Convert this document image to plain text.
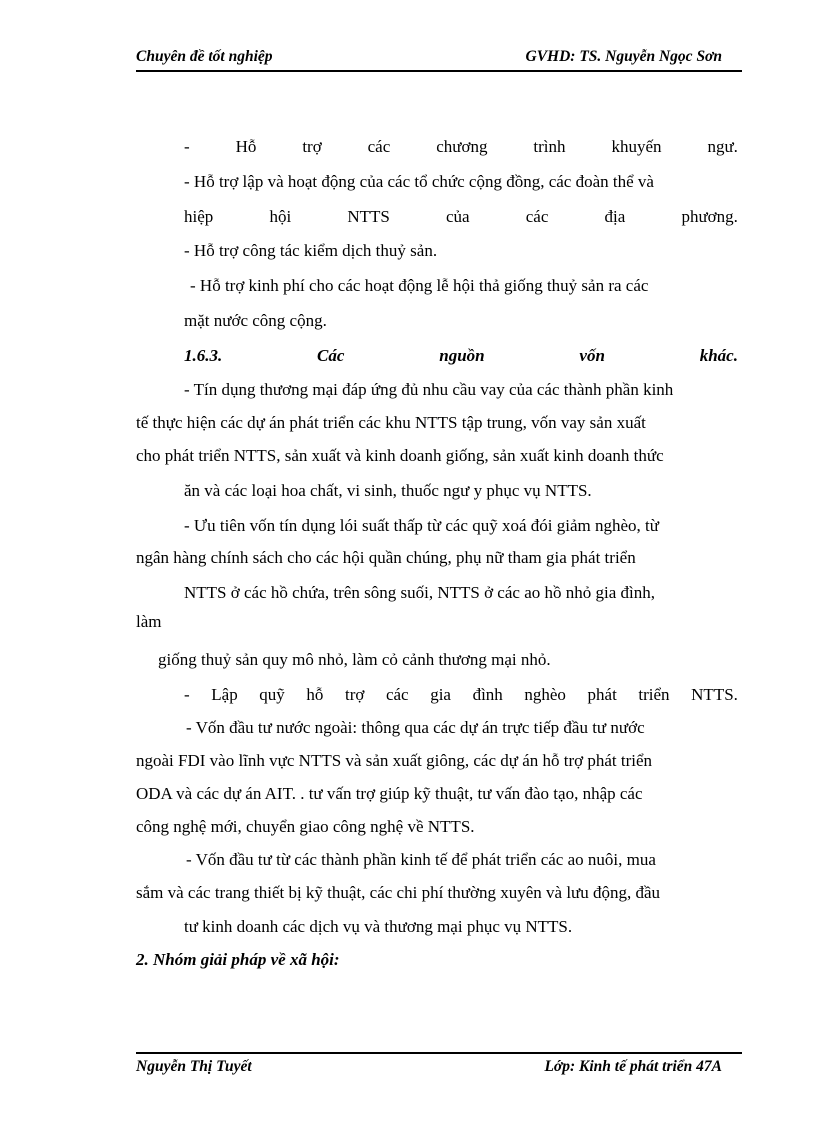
Chuyên đề tốt nghiệp	GVHD: TS. Nguyễn Ngọc Sơn
-	Hỗ	trợ	các	chương	trình	khuyến	ngư.
- Hỗ trợ lập và hoạt động của các tổ chức cộng đồng, các đoàn thể và
hiệp	hội	NTTS	của	các	địa	phương.
- Hỗ trợ công tác kiểm dịch thuỷ sản.
- Hỗ trợ kinh phí cho các hoạt động lễ hội thả giống thuỷ sản ra các
mặt nước công cộng.
1.6.3.	Các	nguồn	vốn	khác.
- Tín dụng thương mại đáp ứng đủ nhu cầu vay của các thành phần kinh
tế thực hiện các dự án phát triển các khu NTTS tập trung, vốn vay sản xuất
cho phát triển NTTS, sản xuất và kinh doanh giống, sản xuất kinh doanh thức
ăn và các loại hoa chất, vi sinh, thuốc ngư y phục vụ NTTS.
- Ưu tiên vốn tín dụng lói suất thấp từ các quỹ xoá đói giảm nghèo, từ
ngân hàng chính sách cho các hội quần chúng, phụ nữ tham gia phát triển
NTTS ở các hồ chứa, trên sông suối, NTTS ở các ao hồ nhỏ gia đình,
làm
giống thuỷ sản quy mô nhỏ, làm cỏ cảnh thương mại nhỏ.
- Lập quỹ hỗ trợ các gia đình nghèo phát triển NTTS.
- Vốn đầu tư nước ngoài: thông qua các dự án trực tiếp đầu tư nước
ngoài FDI vào lĩnh vực NTTS và sản xuất giông, các dự án hỗ trợ phát triển
ODA và các dự án AIT. . tư vấn trợ giúp kỹ thuật, tư vấn đào tạo, nhập các
công nghệ mới, chuyển giao công nghệ về NTTS.
- Vốn đầu tư từ các thành phần kinh tế để phát triển các ao nuôi, mua
sắm và các trang thiết bị kỹ thuật, các chi phí thường xuyên và lưu động, đầu
tư kinh doanh các dịch vụ và thương mại phục vụ NTTS.
2. Nhóm giải pháp về xã hội:
Nguyễn Thị Tuyết	Lớp: Kinh tế phát triển 47A
